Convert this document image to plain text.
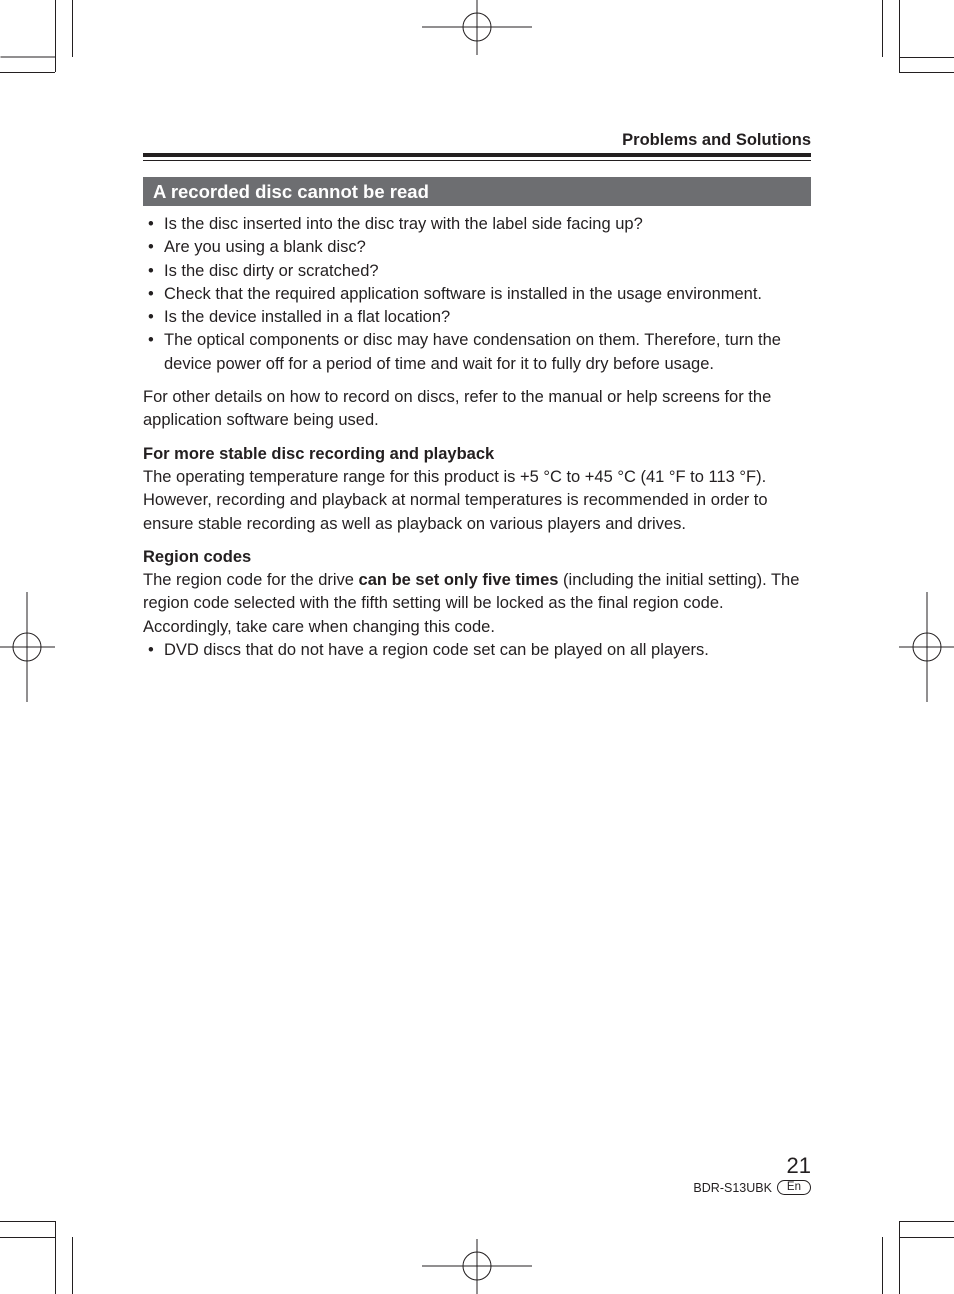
Problems and Solutions
A recorded disc cannot be read
• Is the disc inserted into the disc tray with the label side facing up?
• Are you using a blank disc?
• Is the disc dirty or scratched?
• Check that the required application software is installed in the usage environment.
• Is the device installed in a flat location?
• The optical components or disc may have condensation on them. Therefore, turn the device power off for a period of time and wait for it to fully dry before usage.

For other details on how to record on discs, refer to the manual or help screens for the application software being used.

For more stable disc recording and playback

The operating temperature range for this product is +5 °C to +45 °C (41 °F to 113 °F). However, recording and playback at normal temperatures is recommended in order to ensure stable recording as well as playback on various players and drives.

Region codes

The region code for the drive can be set only five times (including the initial setting). The region code selected with the fifth setting will be locked as the final region code. Accordingly, take care when changing this code.

• DVD discs that do not have a region code set can be played on all players.
21
BDR-S13UBK	En
